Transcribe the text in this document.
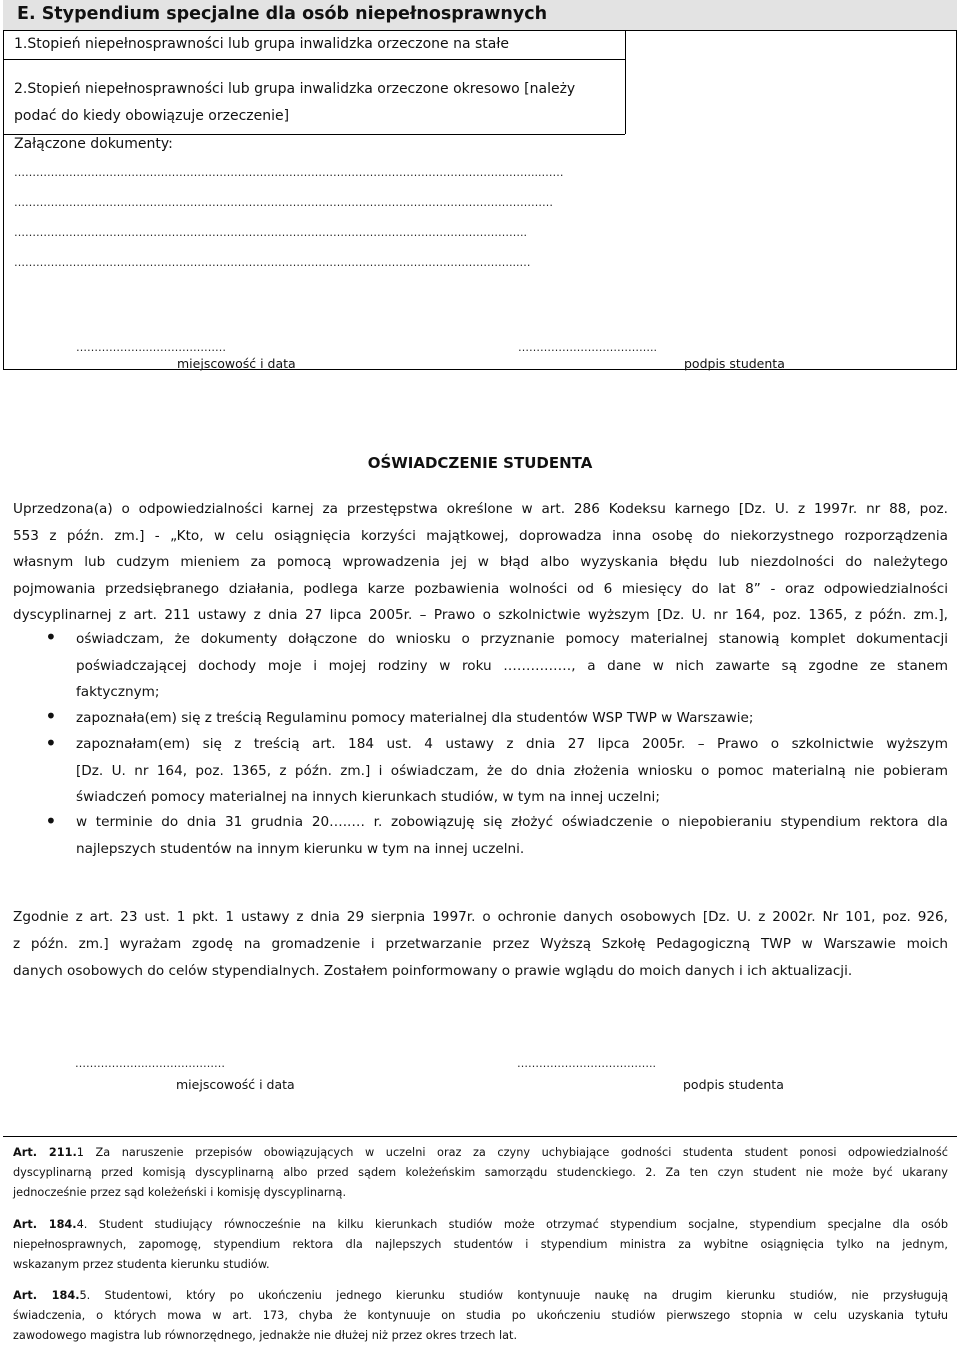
E. Stypendium specjalne dla osób niepełnosprawnych
1.Stopień niepełnosprawności lub grupa inwalidzka orzeczone na stałe
2.Stopień niepełnosprawności lub grupa inwalidzka orzeczone okresowo [należy
podać do kiedy obowiązuje orzeczenie]
Załączone dokumenty:
……………………………………………………………………………………………………………………………...……
…………………………………………………………………………………………………………………………………
…………………………………………………………………………………………………………………………..
………………………………………………………………………………………………………………………...…
………………..…………………	………………………………..
miejscowość i data	podpis studenta
OŚWIADCZENIE STUDENTA
Uprzedzona(a) o odpowiedzialności karnej za przestępstwa określone w art. 286 Kodeksu karnego [Dz. U. z 1997r. nr 88, poz.
553 z późn. zm.] - „Kto, w celu osiągnięcia korzyści majątkowej, doprowadza inna osobę do niekorzystnego rozporządzenia
własnym lub cudzym mieniem za pomocą wprowadzenia jej w błąd albo wyzyskania błędu lub niezdolności do należytego
pojmowania przedsiębranego działania, podlega karze pozbawienia wolności od 6 miesięcy do lat 8” - oraz odpowiedzialności
dyscyplinarnej z art. 211 ustawy z dnia 27 lipca 2005r. – Prawo o szkolnictwie wyższym [Dz. U. nr 164, poz. 1365, z późn. zm.],
• oświadczam, że dokumenty dołączone do wniosku o przyznanie pomocy materialnej stanowią komplet dokumentacji
poświadczającej dochody moje i mojej rodziny w roku ……………, a dane w nich zawarte są zgodne ze stanem
faktycznym;
• zapoznała(em) się z treścią Regulaminu pomocy materialnej dla studentów WSP TWP w Warszawie;
• zapoznałam(em) się z treścią art. 184 ust. 4 ustawy z dnia 27 lipca 2005r. – Prawo o szkolnictwie wyższym
[Dz. U. nr 164, poz. 1365, z późn. zm.] i oświadczam, że do dnia złożenia wniosku o pomoc materialną nie pobieram
świadczeń pomocy materialnej na innych kierunkach studiów, w tym na innej uczelni;
• w terminie do dnia 31 grudnia 20…..… r. zobowiązuję się złożyć oświadczenie o niepobieraniu stypendium rektora dla
najlepszych studentów na innym kierunku w tym na innej uczelni.
Zgodnie z art. 23 ust. 1 pkt. 1 ustawy z dnia 29 sierpnia 1997r. o ochronie danych osobowych [Dz. U. z 2002r. Nr 101, poz. 926,
z późn. zm.] wyrażam zgodę na gromadzenie i przetwarzanie przez Wyższą Szkołę Pedagogiczną TWP w Warszawie moich
danych osobowych do celów stypendialnych. Zostałem poinformowany o prawie wglądu do moich danych i ich aktualizacji.
………………..…………………	………………………………..
miejscowość i data	podpis studenta
Art. 211.1 Za naruszenie przepisów obowiązujących w uczelni oraz za czyny uchybiające godności studenta student ponosi odpowiedzialność
dyscyplinarną przed komisją dyscyplinarną albo przed sądem koleżeńskim samorządu studenckiego. 2. Za ten czyn student nie może być ukarany
jednocześnie przez sąd koleżeński i komisję dyscyplinarną.
Art. 184.4. Student studiujący równocześnie na kilku kierunkach studiów może otrzymać stypendium socjalne, stypendium specjalne dla osób
niepełnosprawnych, zapomogę, stypendium rektora dla najlepszych studentów i stypendium ministra za wybitne osiągnięcia tylko na jednym,
wskazanym przez studenta kierunku studiów.
Art. 184.5. Studentowi, który po ukończeniu jednego kierunku studiów kontynuuje naukę na drugim kierunku studiów, nie przysługują
świadczenia, o których mowa w art. 173, chyba że kontynuuje on studia po ukończeniu studiów pierwszego stopnia w celu uzyskania tytułu
zawodowego magistra lub równorzędnego, jednakże nie dłużej niż przez okres trzech lat.
